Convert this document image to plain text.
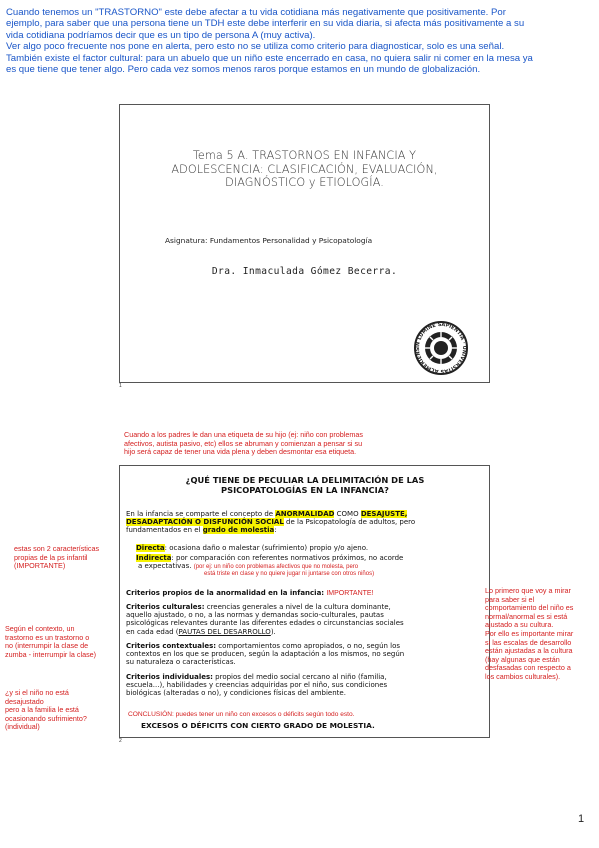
Cuando tenemos un "TRASTORNO" este debe afectar a tu vida cotidiana más negativamente que positivamente. Por
ejemplo, para saber que una persona tiene un TDH este debe interferir en su vida diaria, si afecta más positivamente a su
vida cotidiana podríamos decir que es un tipo de persona A (muy activa).
Ver algo poco frecuente nos pone en alerta, pero esto no se utiliza como criterio para diagnosticar, solo es una señal.
También existe el factor cultural: para un abuelo que un niño este encerrado en casa, no quiera salir ni comer en la mesa ya
es que tiene que tener algo. Pero cada vez somos menos raros porque estamos en un mundo de globalización.
Tema 5 A. TRASTORNOS EN INFANCIA Y
ADOLESCENCIA: CLASIFICACIÓN, EVALUACIÓN,
DIAGNÓSTICO y ETIOLOGÍA.
Asignatura: Fundamentos Personalidad y Psicopatología
Dra. Inmaculada Gómez Becerra.
IN LUMINE SAPIENTIA · UNIVERSITAS ALMERIENS
1
Cuando a los padres le dan una etiqueta de su hijo (ej: niño con problemas
afectivos, autista pasivo, etc) ellos se abruman y comienzan a pensar si su
hijo será capaz de tener una vida plena y deben desmontar esa etiqueta.
¿QUÉ TIENE DE PECULIAR LA DELIMITACIÓN DE LAS
PSICOPATOLOGÍAS EN LA INFANCIA?

En la infancia se comparte el concepto de ANORMALIDAD COMO DESAJUSTE,

DESADAPTACIÓN O DISFUNCIÓN SOCIAL de la Psicopatología de adultos, pero

fundamentados en el grado de molestia:

Directa: ocasiona daño o malestar (sufrimiento) propio y/o ajeno.

Indirecta: por comparación con referentes normativos próximos, no acorde

a expectativas. (por ej: un niño con problemas afectivos que no molesta, pero

está triste en clase y no quiere jugar ni juntarse con otros niños)

Criterios propios de la anormalidad en la infancia: IMPORTANTE!

Criterios culturales: creencias generales a nivel de la cultura dominante,

aquello ajustado, o no, a las normas y demandas socio-culturales, pautas

psicológicas relevantes durante las diferentes edades o circunstancias sociales

en cada edad (PAUTAS DEL DESARROLLO).

Criterios contextuales: comportamientos como apropiados, o no, según los

contextos en los que se producen, según la adaptación a los mismos, no según

su naturaleza o características.

Criterios individuales: propios del medio social cercano al niño (familia,

escuela...), habilidades y creencias adquiridas por el niño, sus condiciones

biológicas (alteradas o no), y condiciones físicas del ambiente.

CONCLUSIÓN: puedes tener un niño con excesos o déficits según todo esto.
EXCESOS O DÉFICITS CON CIERTO GRADO DE MOLESTIA.
2
estas son 2 características
propias de la ps infantil
(IMPORTANTE)
Según el contexto, un
trastorno es un trastorno o
no (interrumpir la clase de
zumba - interrumpir la clase)
¿y si el niño no está
desajustado
pero a la familia le está
ocasionando sufrimiento?
(individual)
Lo primero que voy a mirar
para saber si el
comportamiento del niño es
normal/anormal es si está
ajustado a su cultura.
Por ello es importante mirar
si las escalas de desarrollo
están ajustadas a la cultura
(hay algunas que están
desfasadas con respecto a
los cambios culturales).
1
